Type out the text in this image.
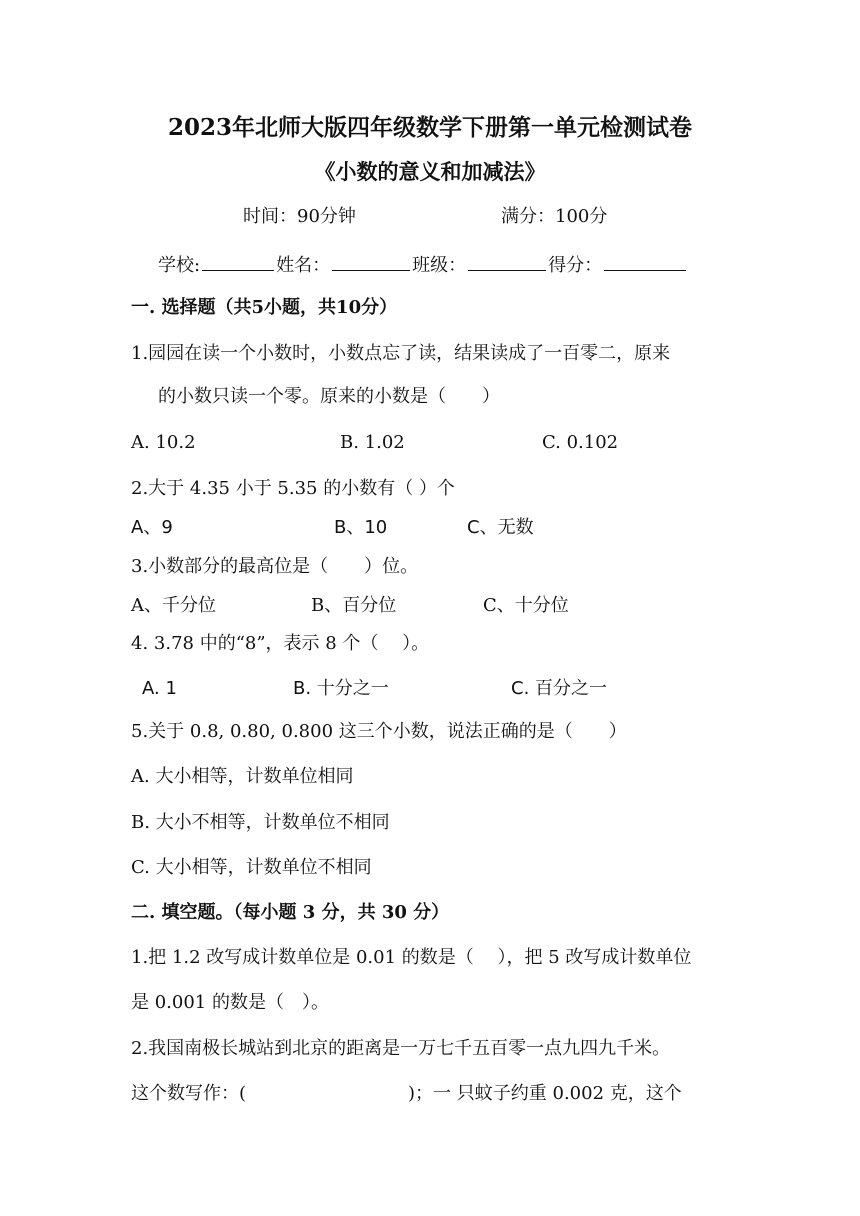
2023年北师大版四年级数学下册第一单元检测试卷
《小数的意义和加减法》
时间：90分钟	满分：100分
学校:	姓名：	班级：	得分：
一. 选择题（共5小题，共10分）
1.园园在读一个小数时，小数点忘了读，结果读成了一百零二，原来
的小数只读一个零。原来的小数是（　　）
A. 10.2	B. 1.02	C. 0.102
2.大于 4.35 小于 5.35 的小数有（ ）个
A、9	B、10	C、无数
3.小数部分的最高位是（　　）位。
A、千分位	B、百分位	C、十分位
4. 3.78 中的“8”，表示 8 个（　 ）。
A. 1	B. 十分之一	C. 百分之一
5.关于 0.8, 0.80, 0.800 这三个小数，说法正确的是（　　）
A. 大小相等，计数单位相同
B. 大小不相等，计数单位不相同
C. 大小相等，计数单位不相同
二. 填空题。（每小题 3 分，共 30 分）
1.把 1.2 改写成计数单位是 0.01 的数是（　 ），把 5 改写成计数单位
是 0.001 的数是（　）。
2.我国南极长城站到北京的距离是一万七千五百零一点九四九千米。
这个数写作：(　　　　　　　　　)；一 只蚊子约重 0.002 克，这个
